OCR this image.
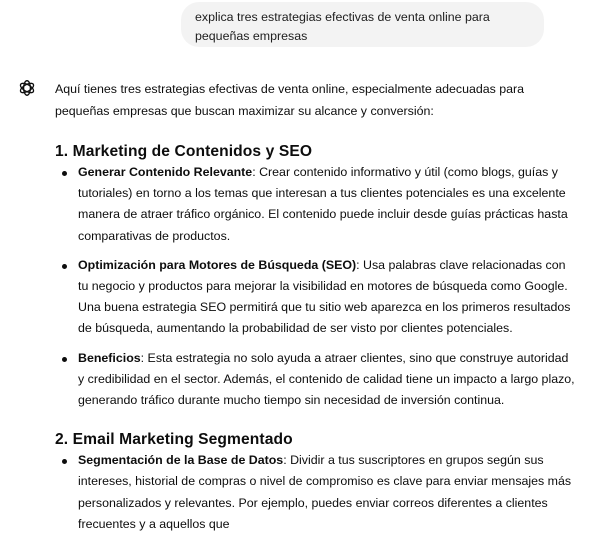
explica tres estrategias efectivas de venta online para pequeñas empresas

Aquí tienes tres estrategias efectivas de venta online, especialmente adecuadas para pequeñas empresas que buscan maximizar su alcance y conversión:

1. Marketing de Contenidos y SEO
Generar Contenido Relevante: Crear contenido informativo y útil (como blogs, guías y tutoriales) en torno a los temas que interesan a tus clientes potenciales es una excelente manera de atraer tráfico orgánico. El contenido puede incluir desde guías prácticas hasta comparativas de productos.
Optimización para Motores de Búsqueda (SEO): Usa palabras clave relacionadas con tu negocio y productos para mejorar la visibilidad en motores de búsqueda como Google. Una buena estrategia SEO permitirá que tu sitio web aparezca en los primeros resultados de búsqueda, aumentando la probabilidad de ser visto por clientes potenciales.
Beneficios: Esta estrategia no solo ayuda a atraer clientes, sino que construye autoridad y credibilidad en el sector. Además, el contenido de calidad tiene un impacto a largo plazo, generando tráfico durante mucho tiempo sin necesidad de inversión continua.
2. Email Marketing Segmentado
Segmentación de la Base de Datos: Dividir a tus suscriptores en grupos según sus intereses, historial de compras o nivel de compromiso es clave para enviar mensajes más personalizados y relevantes. Por ejemplo, puedes enviar correos diferentes a clientes frecuentes y a aquellos que
